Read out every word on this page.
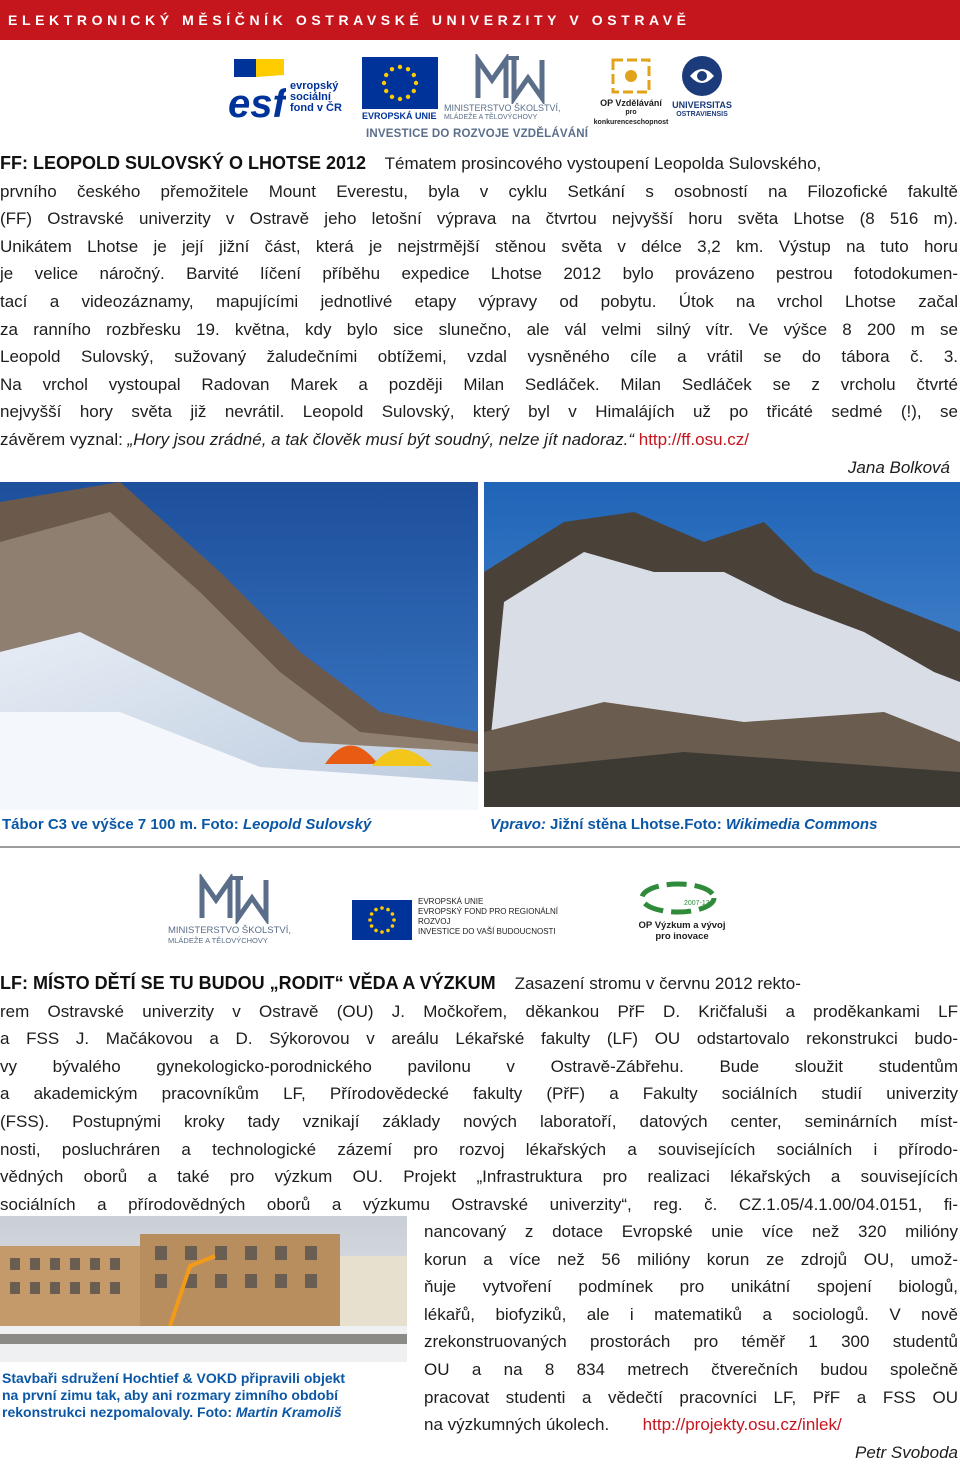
ELEKTRONICKÝ MĚSÍČNÍK OSTRAVSKÉ UNIVERZITY V OSTRAVĚ
esf evropský
sociální
fond v ČR
EVROPSKÁ UNIE
MINISTERSTVO ŠKOLSTVÍ,
MLÁDEŽE A TĚLOVÝCHOVY
OP Vzdělávání
pro konkurenceschopnost
UNIVERSITAS
OSTRAVIENSIS
INVESTICE DO ROZVOJE VZDĚLÁVÁNÍ
FF: LEOPOLD SULOVSKÝ O LHOTSE 2012 Tématem prosincového vystoupení Leopolda Sulovského,
prvního českého přemožitele Mount Everestu, byla v cyklu Setkání s osobností na Filozofické fakultě
(FF) Ostravské univerzity v Ostravě jeho letošní výprava na čtvrtou nejvyšší horu světa Lhotse (8 516 m).
Unikátem Lhotse je její jižní část, která je nejstrmější stěnou světa v délce 3,2 km. Výstup na tuto horu
je velice náročný. Barvité líčení příběhu expedice Lhotse 2012 bylo provázeno pestrou fotodokumen-
tací a videozáznamy, mapujícími jednotlivé etapy výpravy od pobytu. Útok na vrchol Lhotse začal
za ranního rozbřesku 19. května, kdy bylo sice slunečno, ale vál velmi silný vítr. Ve výšce 8 200 m se
Leopold Sulovský, sužovaný žaludečními obtížemi, vzdal vysněného cíle a vrátil se do tábora č. 3.
Na vrchol vystoupal Radovan Marek a později Milan Sedláček. Milan Sedláček se z vrcholu čtvrté
nejvyšší hory světa již nevrátil. Leopold Sulovský, který byl v Himalájích už po třicáté sedmé (!), se
závěrem vyznal: „Hory jsou zrádné, a tak člověk musí být soudný, nelze jít nadoraz.“ http://ff.osu.cz/
Jana Bolková
Tábor C3 ve výšce 7 100 m. Foto: Leopold Sulovský	Vpravo: Jižní stěna Lhotse.Foto: Wikimedia Commons
MINISTERSTVO ŠKOLSTVÍ,
MLÁDEŽE A TĚLOVÝCHOVY
EVROPSKÁ UNIE
EVROPSKÝ FOND PRO REGIONÁLNÍ ROZVOJ
INVESTICE DO VAŠÍ BUDOUCNOSTI
2007-13
OP Výzkum a vývoj
pro inovace
LF: MÍSTO DĚTÍ SE TU BUDOU „RODIT“ VĚDA A VÝZKUM Zasazení stromu v červnu 2012 rekto-
rem Ostravské univerzity v Ostravě (OU) J. Močkořem, děkankou PřF D. Kričfaluši a proděkankami LF
a FSS J. Mačákovou a D. Sýkorovou v areálu Lékařské fakulty (LF) OU odstartovalo rekonstrukci budo-
vy bývalého gynekologicko-porodnického pavilonu v Ostravě-Zábřehu. Bude sloužit studentům
a akademickým pracovníkům LF, Přírodovědecké fakulty (PřF) a Fakulty sociálních studií univerzity
(FSS). Postupnými kroky tady vznikají základy nových laboratoří, datových center, seminárních míst-
nosti, posluchráren a technologické zázemí pro rozvoj lékařských a souvisejících sociálních i přírodo-
vědných oborů a také pro výzkum OU. Projekt „Infrastruktura pro realizaci lékařských a souvisejících
sociálních a přírodovědných oborů a výzkumu Ostravské univerzity“, reg. č. CZ.1.05/4.1.00/04.0151, fi-
nancovaný z dotace Evropské unie více než 320 milióny
korun a více než 56 milióny korun ze zdrojů OU, umož-
ňuje vytvoření podmínek pro unikátní spojení biologů,
lékařů, biofyziků, ale i matematiků a sociologů. V nově
zrekonstruovaných prostorách pro téměř 1 300 studentů
OU a na 8 834 metrech čtverečních budou společně
pracovat studenti a vědečtí pracovníci LF, PřF a FSS OU
na výzkumných úkolech. http://projekty.osu.cz/inlek/
Petr Svoboda
Stavbaři sdružení Hochtief & VOKD připravili objekt
na první zimu tak, aby ani rozmary zimního období
rekonstrukci nezpomalovaly. Foto: Martin Kramoliš
